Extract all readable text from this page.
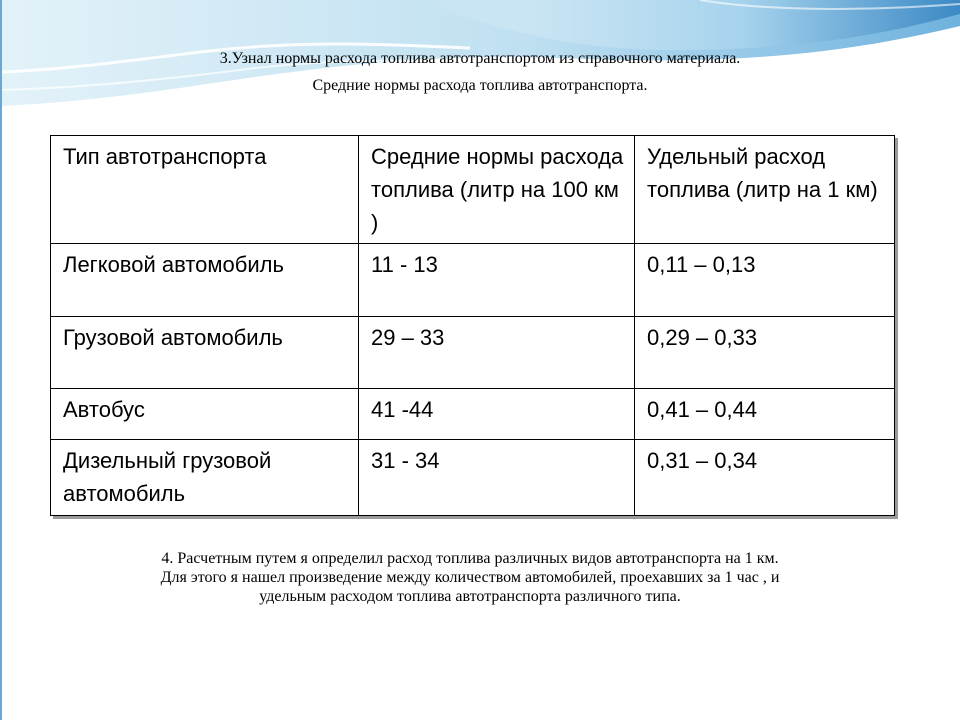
3.Узнал нормы расхода топлива автотранспортом из справочного материала.
Средние нормы расхода топлива автотранспорта.
Тип автотранспорта	Средние нормы расхода топлива (литр на 100 км )	Удельный расход топлива (литр на 1 км)
Легковой автомобиль	11 - 13	0,11 – 0,13
Грузовой автомобиль	29 – 33	0,29 – 0,33
Автобус	41 -44	0,41 – 0,44
Дизельный грузовой автомобиль	31 - 34	0,31 – 0,34
4. Расчетным путем я определил расход топлива различных видов автотранспорта на 1 км.
Для этого я нашел произведение между количеством автомобилей, проехавших за 1 час , и
удельным расходом топлива автотранспорта различного типа.
